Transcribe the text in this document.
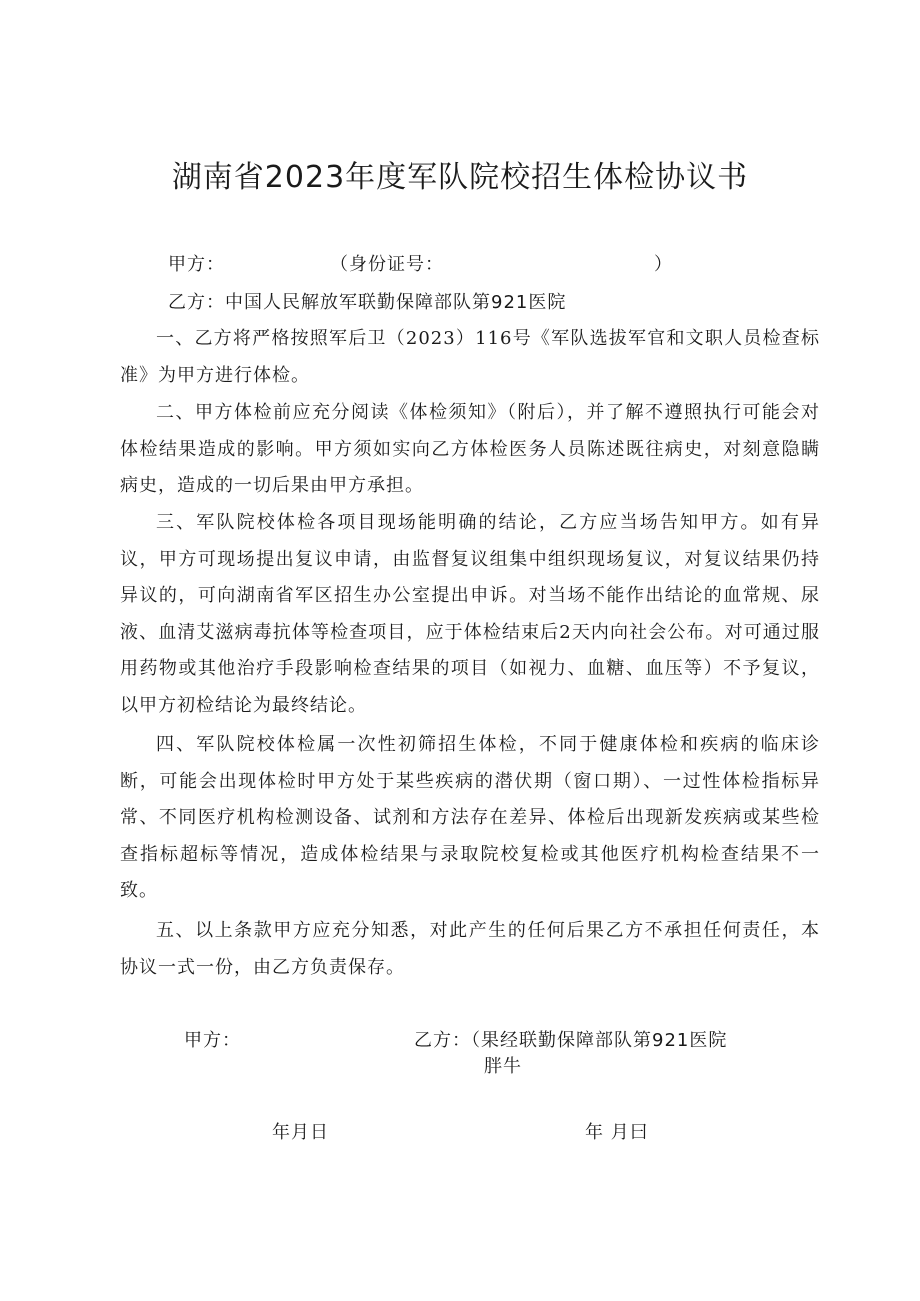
湖南省2023年度军队院校招生体检协议书
甲方：	（身份证号：	）
乙方：中国人民解放军联勤保障部队第921医院

一、乙方将严格按照军后卫（2023）116号《军队选拔军官和文职人员检查标准》为甲方进行体检。

二、甲方体检前应充分阅读《体检须知》（附后），并了解不遵照执行可能会对体检结果造成的影响。甲方须如实向乙方体检医务人员陈述既往病史，对刻意隐瞒病史，造成的一切后果由甲方承担。

三、军队院校体检各项目现场能明确的结论，乙方应当场告知甲方。如有异议，甲方可现场提出复议申请，由监督复议组集中组织现场复议，对复议结果仍持异议的，可向湖南省军区招生办公室提出申诉。对当场不能作出结论的血常规、尿液、血清艾滋病毒抗体等检查项目，应于体检结束后2天内向社会公布。对可通过服用药物或其他治疗手段影响检查结果的项目（如视力、血糖、血压等）不予复议，以甲方初检结论为最终结论。

四、军队院校体检属一次性初筛招生体检，不同于健康体检和疾病的临床诊断，可能会出现体检时甲方处于某些疾病的潜伏期（窗口期）、一过性体检指标异常、不同医疗机构检测设备、试剂和方法存在差异、体检后出现新发疾病或某些检查指标超标等情况，造成体检结果与录取院校复检或其他医疗机构检查结果不一致。

五、以上条款甲方应充分知悉，对此产生的任何后果乙方不承担任何责任，本协议一式一份，由乙方负责保存。

甲方：	乙方：（果经联勤保障部队第921医院
胖牛
年月日	年 月曰
